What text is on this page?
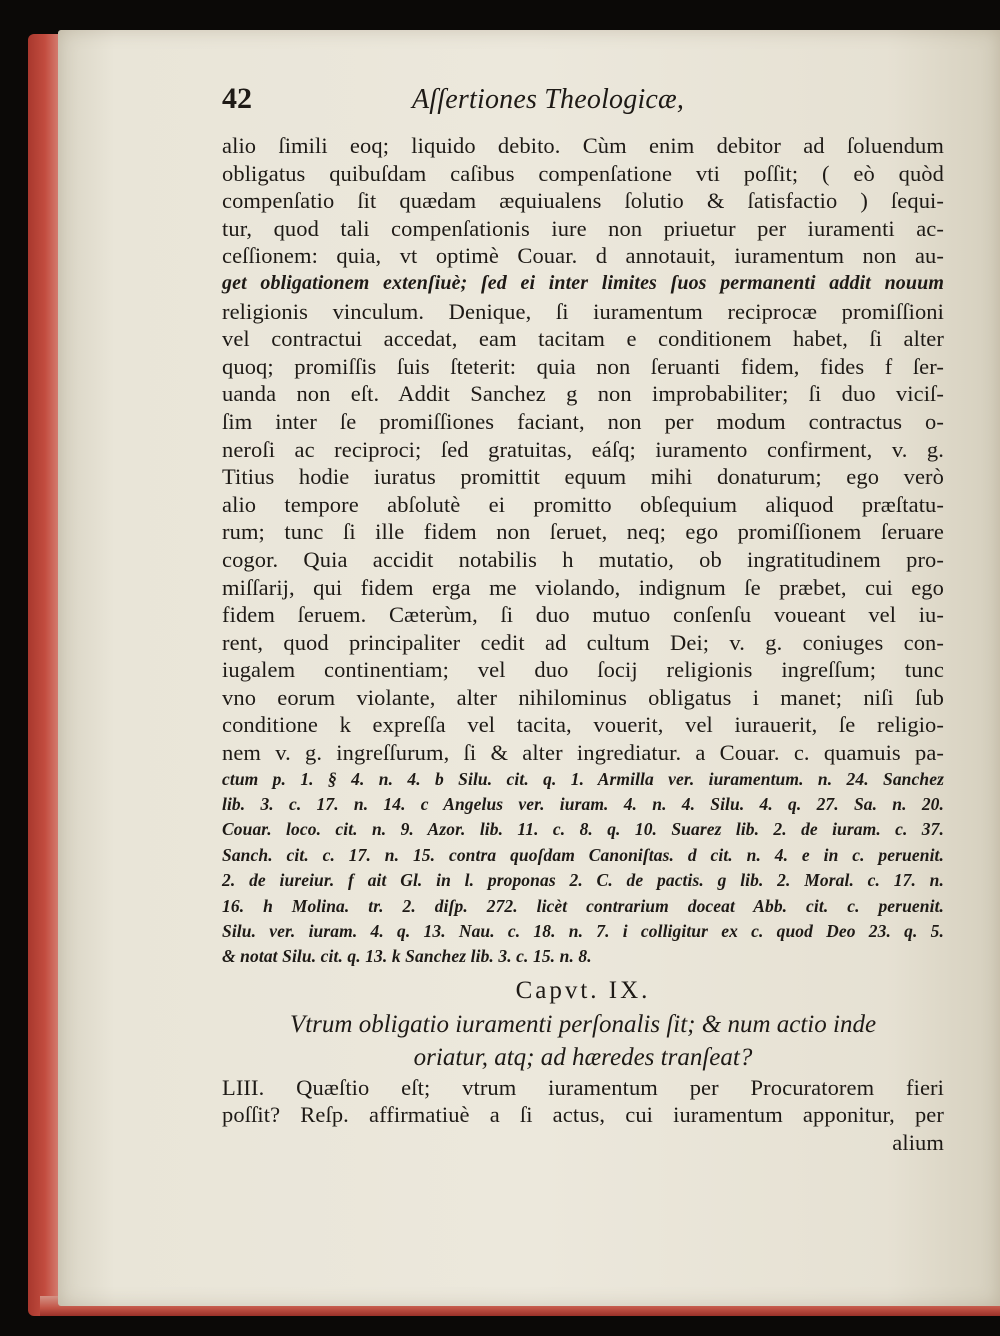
42	Aſſertiones Theologicæ,
alio ſimili eoq; liquido debito. Cùm enim debitor ad ſoluendum
obligatus quibuſdam caſibus compenſatione vti poſſit; ( eò quòd
compenſatio ſit quædam æquiualens ſolutio & ſatisfactio ) ſequi-
tur, quod tali compenſationis iure non priuetur per iuramenti ac-
ceſſionem: quia, vt optimè Couar. d annotauit, iuramentum non au-
get obligationem extenſiuè; ſed ei inter limites ſuos permanenti addit nouum
religionis vinculum. Denique, ſi iuramentum reciprocæ promiſſioni
vel contractui accedat, eam tacitam e conditionem habet, ſi alter
quoq; promiſſis ſuis ſteterit: quia non ſeruanti fidem, fides f ſer-
uanda non eſt. Addit Sanchez g non improbabiliter; ſi duo viciſ-
ſim inter ſe promiſſiones faciant, non per modum contractus o-
neroſi ac reciproci; ſed gratuitas, eáſq; iuramento confirment, v. g.
Titius hodie iuratus promittit equum mihi donaturum; ego verò
alio tempore abſolutè ei promitto obſequium aliquod præſtatu-
rum; tunc ſi ille fidem non ſeruet, neq; ego promiſſionem ſeruare
cogor. Quia accidit notabilis h mutatio, ob ingratitudinem pro-
miſſarij, qui fidem erga me violando, indignum ſe præbet, cui ego
fidem ſeruem. Cæterùm, ſi duo mutuo conſenſu voueant vel iu-
rent, quod principaliter cedit ad cultum Dei; v. g. coniuges con-
iugalem continentiam; vel duo ſocij religionis ingreſſum; tunc
vno eorum violante, alter nihilominus obligatus i manet; niſi ſub
conditione k expreſſa vel tacita, vouerit, vel iurauerit, ſe religio-
nem v. g. ingreſſurum, ſi & alter ingrediatur. a Couar. c. quamuis pa-
ctum p. 1. § 4. n. 4. b Silu. cit. q. 1. Armilla ver. iuramentum. n. 24. Sanchez
lib. 3. c. 17. n. 14. c Angelus ver. iuram. 4. n. 4. Silu. 4. q. 27. Sa. n. 20.
Couar. loco. cit. n. 9. Azor. lib. 11. c. 8. q. 10. Suarez lib. 2. de iuram. c. 37.
Sanch. cit. c. 17. n. 15. contra quoſdam Canoniſtas. d cit. n. 4. e in c. peruenit.
2. de iureiur. f ait Gl. in l. proponas 2. C. de pactis. g lib. 2. Moral. c. 17. n.
16. h Molina. tr. 2. diſp. 272. licèt contrarium doceat Abb. cit. c. peruenit.
Silu. ver. iuram. 4. q. 13. Nau. c. 18. n. 7. i colligitur ex c. quod Deo 23. q. 5.
& notat Silu. cit. q. 13. k Sanchez lib. 3. c. 15. n. 8.
Capvt. IX.
Vtrum obligatio iuramenti perſonalis ſit; & num actio inde
oriatur, atq; ad hæredes tranſeat?
LIII. Quæſtio eſt; vtrum iuramentum per Procuratorem fieri
poſſit? Reſp. affirmatiuè a ſi actus, cui iuramentum apponitur, per
alium
